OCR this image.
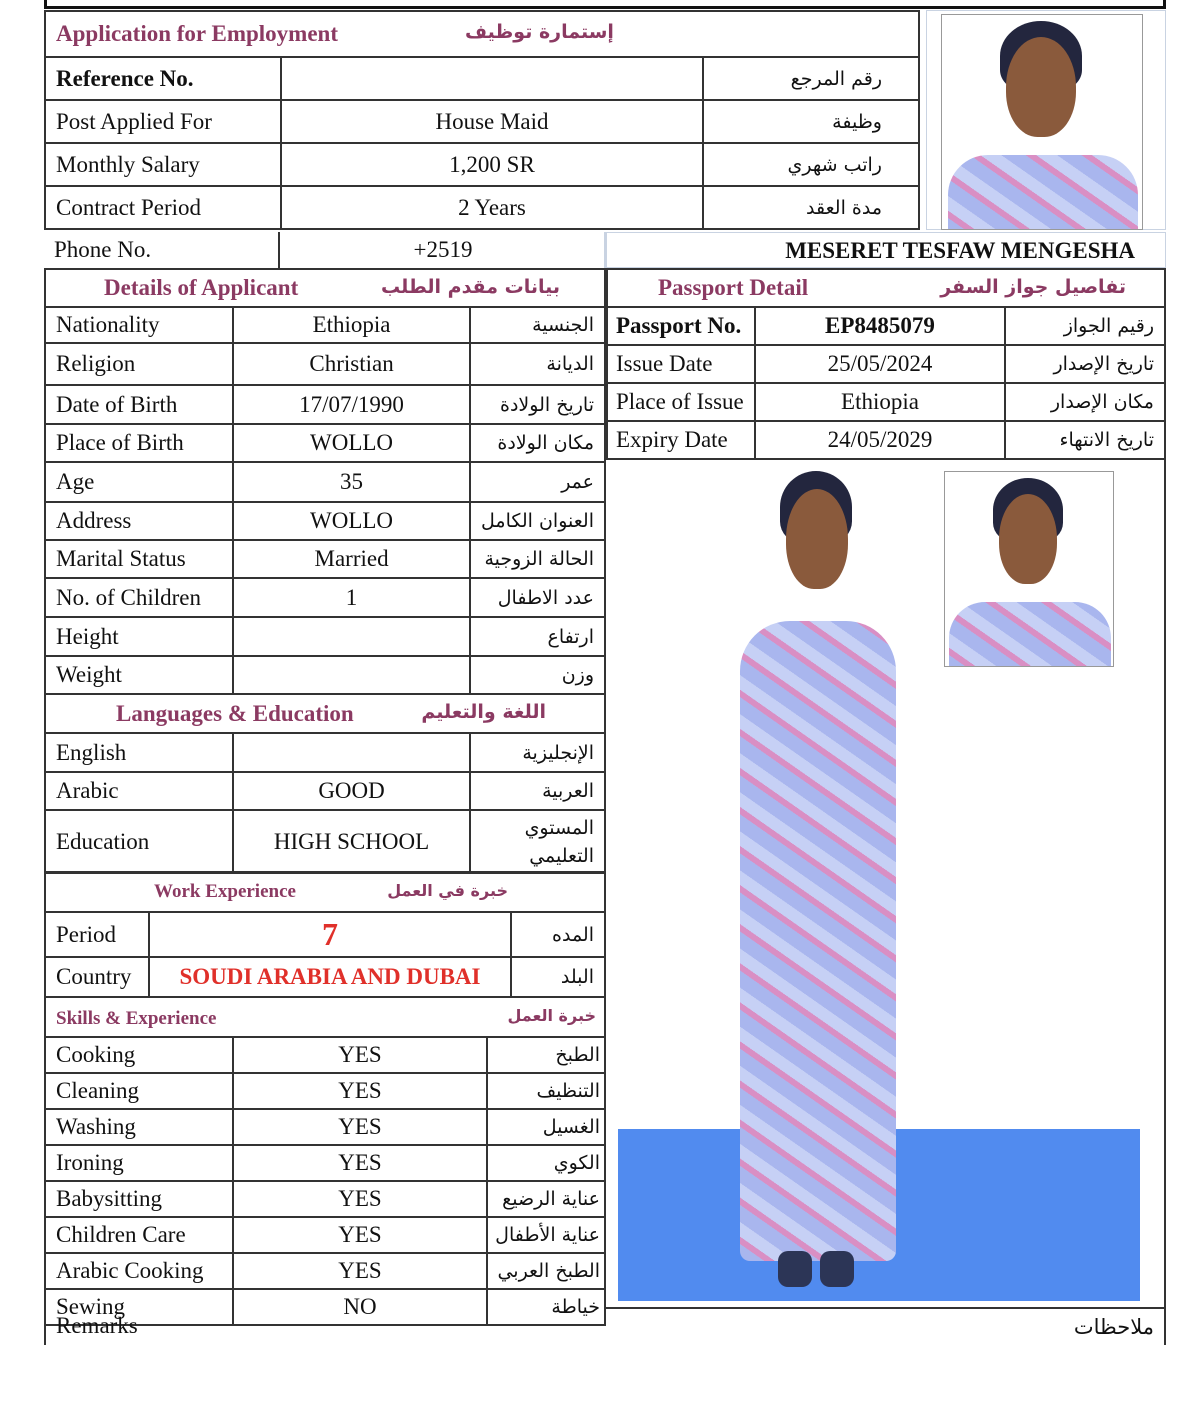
Application for Employment إستمارة توظيف		

Reference No.		رقم المرجع
Post Applied For	House Maid	وظيفة
Monthly Salary	1,200 SR	راتب شهري
Contract Period	2 Years	مدة العقد
Phone No.	+2519	MESERET TESFAW MENGESHA
Details of Applicant بيانات مقدم الطلب		

Nationality	Ethiopia	الجنسية
Religion	Christian	الديانة
Date of Birth	17/07/1990	تاريخ الولادة
Place of Birth	WOLLO	مكان الولادة
Age	35	عمر
Address	WOLLO	العنوان الكامل
Marital Status	Married	الحالة الزوجية
No. of Children	1	عدد الاطفال
Height		ارتفاع
Weight		وزن
Languages & Education اللغة والتعليم		

English		الإنجليزية
Arabic	GOOD	العربية
Education	HIGH SCHOOL	المستوي التعليمي
Work Experience خبرة في العمل		

Period	7	المده
Country	SOUDI ARABIA AND DUBAI	البلد
Skills & Experience خبرة العمل		
Cooking	YES	الطبخ
Cleaning	YES	التنظيف
Washing	YES	الغسيل
Ironing	YES	الكوي
Babysitting	YES	عناية الرضيع
Children Care	YES	عناية الأطفال
Arabic Cooking	YES	الطبخ العربي
Sewing	NO	خياطة
Passport Detail تفاصيل جواز السفر		

Passport No.	EP8485079	رقيم الجواز
Issue Date	25/05/2024	تاريخ الإصدار
Place of Issue	Ethiopia	مكان الإصدار
Expiry Date	24/05/2029	تاريخ الانتهاء
Remarks	ملاحظات
